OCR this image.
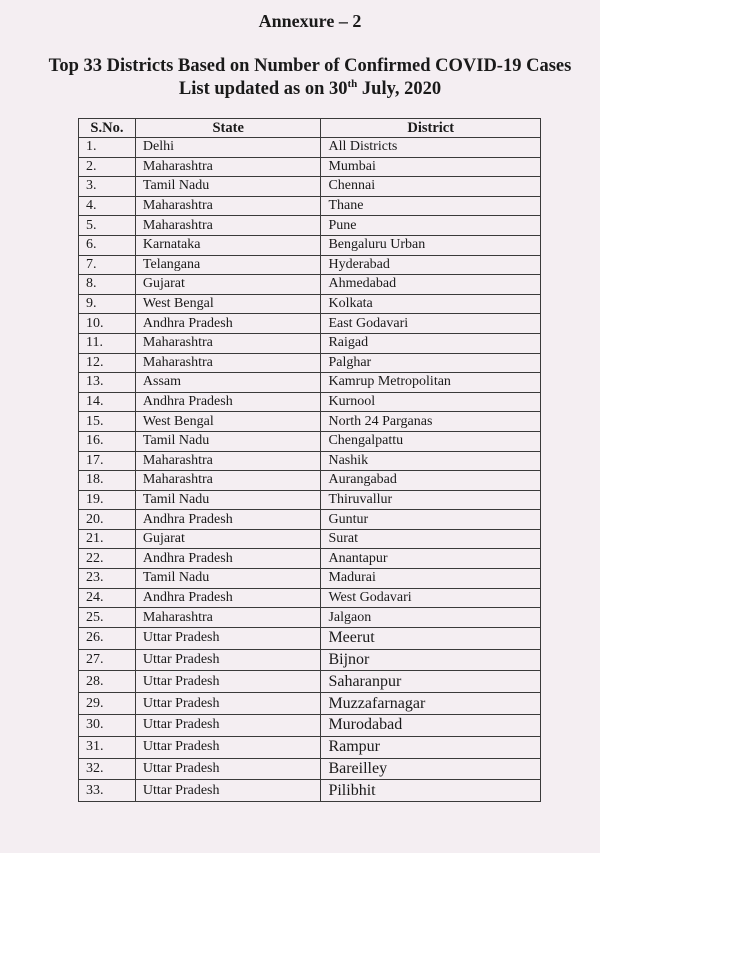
Annexure – 2
Top 33 Districts Based on Number of Confirmed COVID-19 Cases
List updated as on 30th July, 2020
S.No.	State	District
1.	Delhi	All Districts
2.	Maharashtra	Mumbai
3.	Tamil Nadu	Chennai
4.	Maharashtra	Thane
5.	Maharashtra	Pune
6.	Karnataka	Bengaluru Urban
7.	Telangana	Hyderabad
8.	Gujarat	Ahmedabad
9.	West Bengal	Kolkata
10.	Andhra Pradesh	East Godavari
11.	Maharashtra	Raigad
12.	Maharashtra	Palghar
13.	Assam	Kamrup Metropolitan
14.	Andhra Pradesh	Kurnool
15.	West Bengal	North 24 Parganas
16.	Tamil Nadu	Chengalpattu
17.	Maharashtra	Nashik
18.	Maharashtra	Aurangabad
19.	Tamil Nadu	Thiruvallur
20.	Andhra Pradesh	Guntur
21.	Gujarat	Surat
22.	Andhra Pradesh	Anantapur
23.	Tamil Nadu	Madurai
24.	Andhra Pradesh	West Godavari
25.	Maharashtra	Jalgaon
26.	Uttar Pradesh	Meerut
27.	Uttar Pradesh	Bijnor
28.	Uttar Pradesh	Saharanpur
29.	Uttar Pradesh	Muzzafarnagar
30.	Uttar Pradesh	Murodabad
31.	Uttar Pradesh	Rampur
32.	Uttar Pradesh	Bareilley
33.	Uttar Pradesh	Pilibhit
